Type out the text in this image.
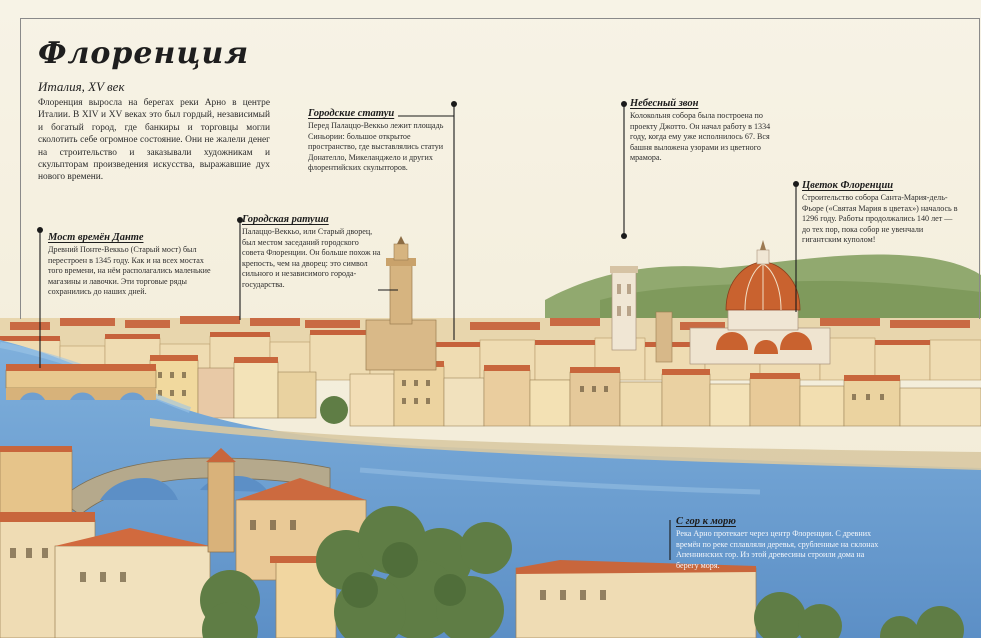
Флоренция
Италия, XV век

Флоренция выросла на берегах реки Арно в центре Италии. В XIV и XV веках это был гордый, независимый и богатый город, где банкиры и торговцы могли сколотить себе огромное состояние. Они не жалели денег на строительство и заказывали художникам и скульпторам произведения искусства, выражавшие дух нового времени.

Мост времён Данте
Древний Понте-Веккьо (Старый мост) был перестроен в 1345 году. Как и на всех мостах того времени, на нём располагались маленькие магазины и лавочки. Эти торговые ряды сохранились до наших дней.
Городские статуи
Перед Палаццо-Веккьо лежит площадь Синьории: большое открытое пространство, где выставлялись статуи Донателло, Микеланджело и других флорентийских скульпторов.
Городская ратуша
Палаццо-Веккьо, или Старый дворец, был местом заседаний городского совета Флоренции. Он больше похож на крепость, чем на дворец: это символ сильного и независимого города-государства.
Небесный звон
Колокольня собора была построена по проекту Джотто. Он начал работу в 1334 году, когда ему уже исполнилось 67. Вся башня выложена узорами из цветного мрамора.
Цветок Флоренции
Строительство собора Санта-Мария-дель-Фьоре («Святая Мария в цветах») началось в 1296 году. Работы продолжались 140 лет — до тех пор, пока собор не увенчали гигантским куполом!
С гор к морю
Река Арно протекает через центр Флоренции. С древних времён по реке сплавляли деревья, срубленные на склонах Апеннинских гор. Из этой древесины строили дома на берегу моря.
